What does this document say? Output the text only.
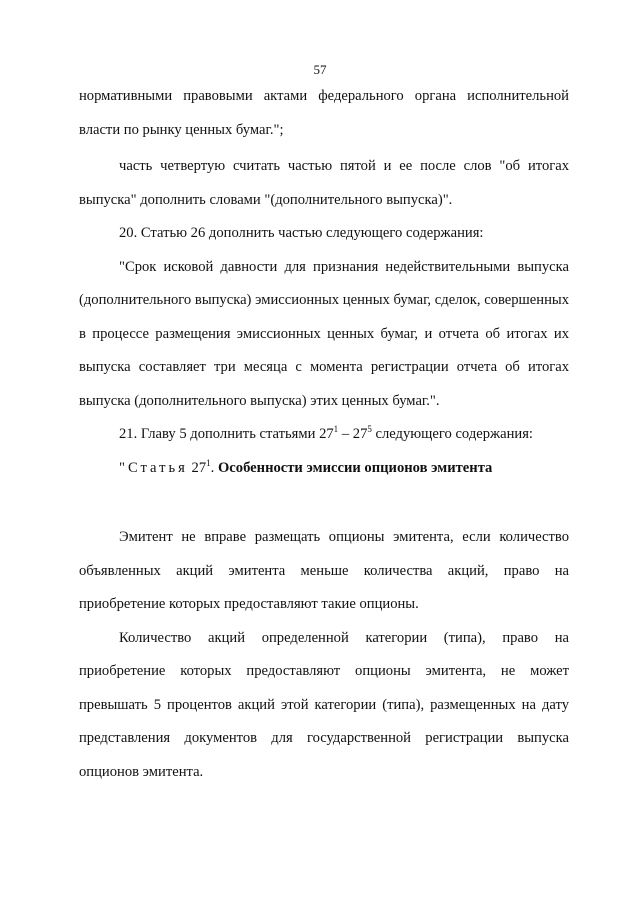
57

нормативными правовыми актами федерального органа исполнительной власти по рынку ценных бумаг.";

часть четвертую считать частью пятой и ее после слов "об итогах выпуска" дополнить словами "(дополнительного выпуска)".

20. Статью 26 дополнить частью следующего содержания:

"Срок исковой давности для признания недействительными выпуска (дополнительного выпуска) эмиссионных ценных бумаг, сделок, совершенных в процессе размещения эмиссионных ценных бумаг, и отчета об итогах их выпуска составляет три месяца с момента регистрации отчета об итогах выпуска (дополнительного выпуска) этих ценных бумаг.".

21. Главу 5 дополнить статьями $27^1 - 27^5$ следующего содержания:

"Статья $27^1$. Особенности эмиссии опционов эмитента

Эмитент не вправе размещать опционы эмитента, если количество объявленных акций эмитента меньше количества акций, право на приобретение которых предоставляют такие опционы.

Количество акций определенной категории (типа), право на приобретение которых предоставляют опционы эмитента, не может превышать 5 процентов акций этой категории (типа), размещенных на дату представления документов для государственной регистрации выпуска опционов эмитента.
